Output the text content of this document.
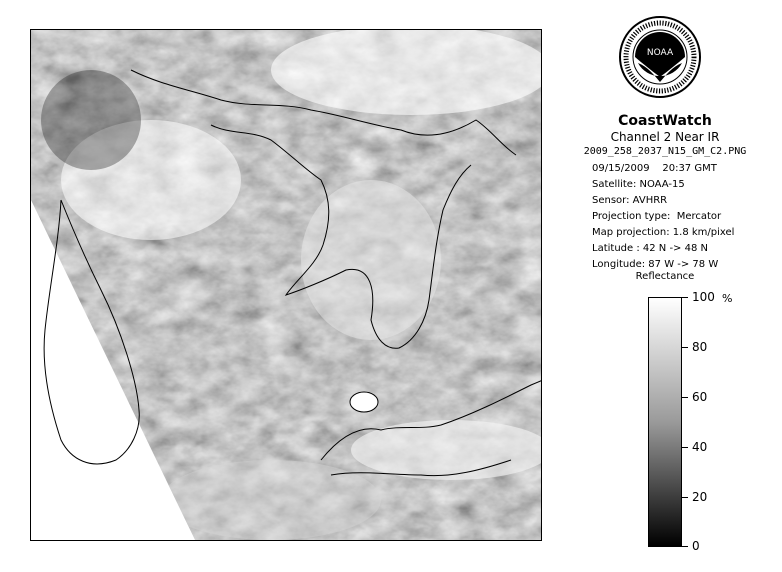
NOAA
CoastWatch
Channel 2 Near IR
2009_258_2037_N15_GM_C2.PNG
09/15/2009    20:37 GMT
Satellite: NOAA-15
Sensor: AVHRR
Projection type:  Mercator
Map projection: 1.8 km/pixel
Latitude : 42 N -> 48 N
Longitude: 87 W -> 78 W
Reflectance
%
100
80
60
40
20
0
